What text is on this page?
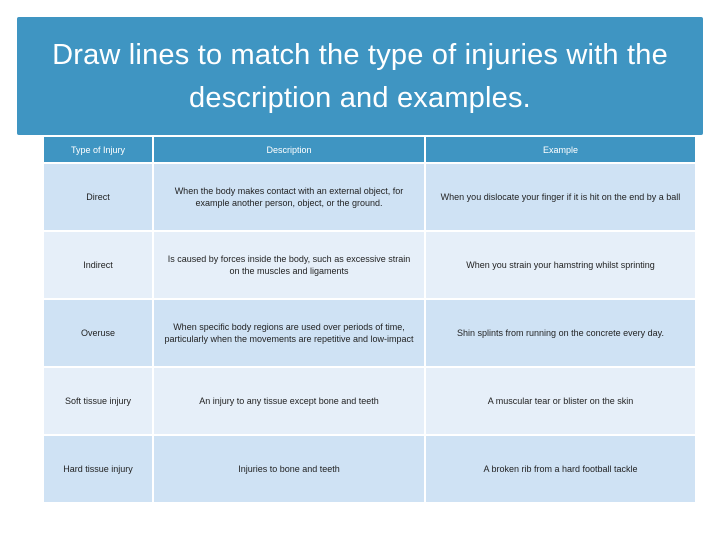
Draw lines to match the type of injuries with the description and examples.
Type of Injury	Description	Example
Direct	When the body makes contact with an external object, for example another person, object, or the ground.	When you dislocate your finger if it is hit on the end by a ball
Indirect	Is caused by forces inside the body, such as excessive strain on the muscles and ligaments	When you strain your hamstring whilst sprinting
Overuse	When specific body regions are used over periods of time, particularly when the movements are repetitive and low-impact	Shin splints from running on the concrete every day.
Soft tissue injury	An injury to any tissue except bone and teeth	A muscular tear or blister on the skin
Hard tissue injury	Injuries to bone and teeth	A broken rib from a hard football tackle
